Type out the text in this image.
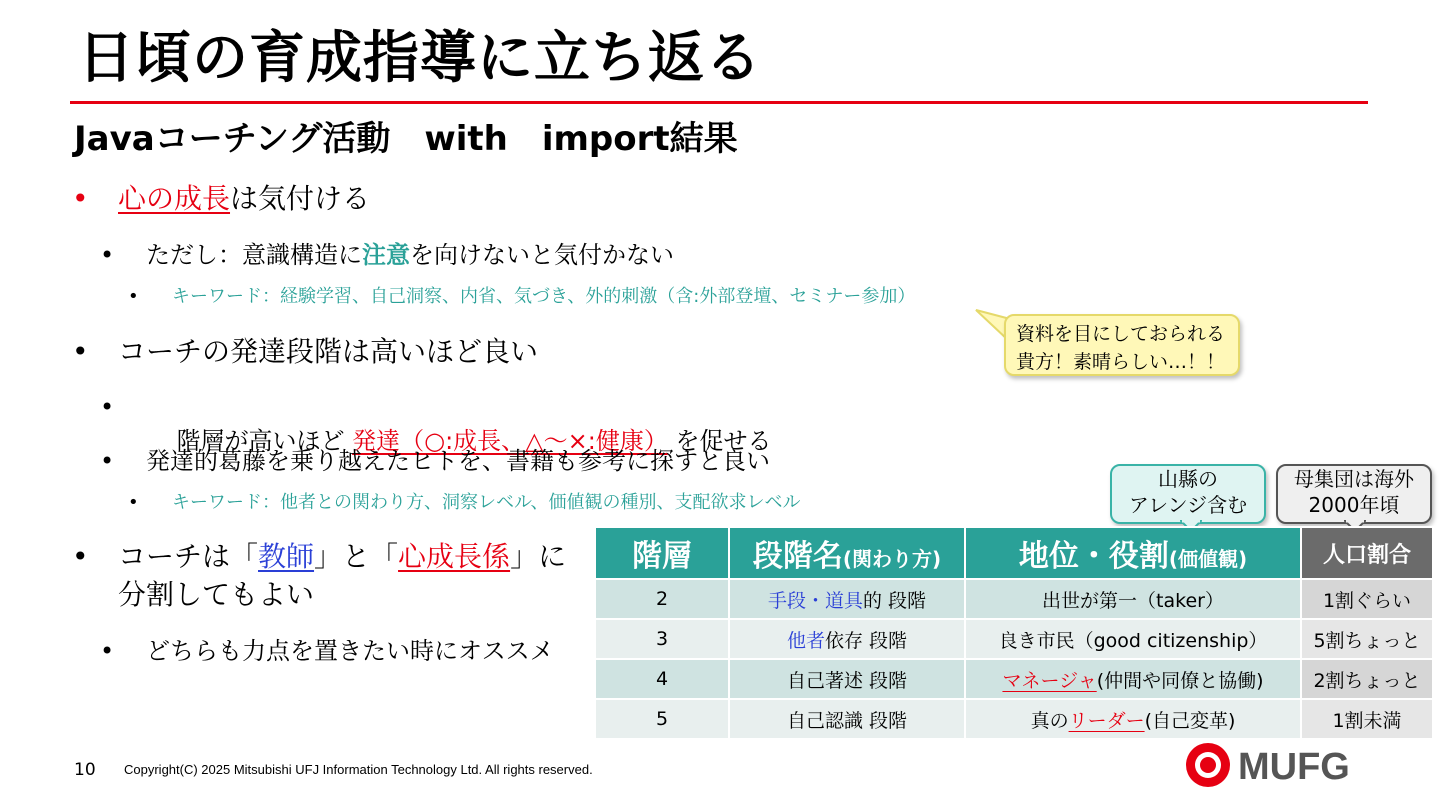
日頃の育成指導に立ち返る
Javaコーチング活動　with　import結果
• 心の成長は気付ける
• ただし：意識構造に注意を向けないと気付かない
• キーワード：経験学習、自己洞察、内省、気づき、外的刺激（含:外部登壇、セミナー参加）
• コーチの発達段階は高いほど良い
•

階層が高いほど 発達（○:成長、△～×:健康） を促せる

• 発達的葛藤を乗り越えたヒトを、書籍も参考に探すと良い
• キーワード：他者との関わり方、洞察レベル、価値観の種別、支配欲求レベル
• コーチは「教師」と「心成長係」に
分割してもよい
• どちらも力点を置きたい時にオススメ
資料を目にしておられる
貴方！素晴らしい…！！
山縣の
アレンジ含む
母集団は海外
2000年頃
階層	段階名(関わり方)	地位・役割(価値観)	人口割合
2	手段・道具的 段階	出世が第一（taker）	1割ぐらい
3	他者依存 段階	良き市民（good citizenship）	5割ちょっと
4	自己著述 段階	マネージャ(仲間や同僚と協働)	2割ちょっと
5	自己認識 段階	真のリーダー(自己変革)	1割未満
10 Copyright(C) 2025 Mitsubishi UFJ Information Technology Ltd. All rights reserved.	MUFG
